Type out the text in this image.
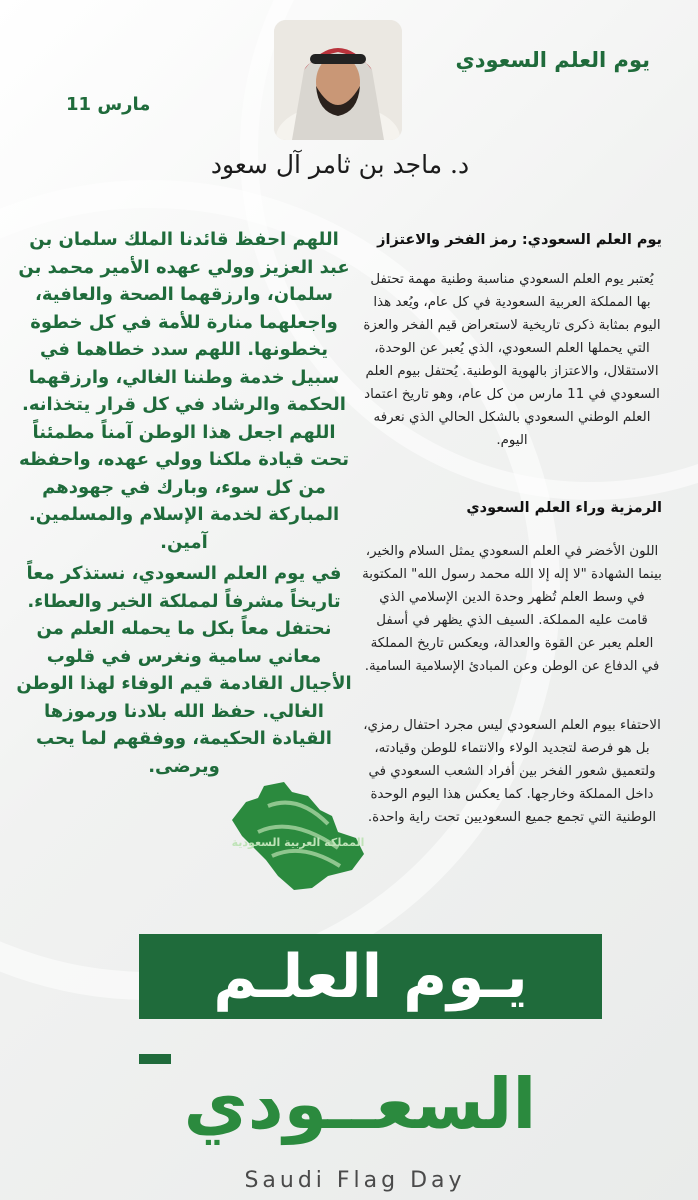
يوم العلم السعودي
مارس 11
د. ماجد بن ثامر آل سعود
يوم العلم السعودي: رمز الفخر والاعتزاز
يُعتبر يوم العلم السعودي مناسبة وطنية مهمة تحتفل بها المملكة العربية السعودية في كل عام، ويُعد هذا اليوم بمثابة ذكرى تاريخية لاستعراض قيم الفخر والعزة التي يحملها العلم السعودي، الذي يُعبر عن الوحدة، الاستقلال، والاعتزاز بالهوية الوطنية. يُحتفل بيوم العلم السعودي في 11 مارس من كل عام، وهو تاريخ اعتماد العلم الوطني السعودي بالشكل الحالي الذي نعرفه اليوم.
الرمزية وراء العلم السعودي
اللون الأخضر في العلم السعودي يمثل السلام والخير، بينما الشهادة "لا إله إلا الله محمد رسول الله" المكتوبة في وسط العلم تُظهر وحدة الدين الإسلامي الذي قامت عليه المملكة. السيف الذي يظهر في أسفل العلم يعبر عن القوة والعدالة، ويعكس تاريخ المملكة في الدفاع عن الوطن وعن المبادئ الإسلامية السامية.
الاحتفاء بيوم العلم السعودي ليس مجرد احتفال رمزي، بل هو فرصة لتجديد الولاء والانتماء للوطن وقيادته، ولتعميق شعور الفخر بين أفراد الشعب السعودي في داخل المملكة وخارجها. كما يعكس هذا اليوم الوحدة الوطنية التي تجمع جميع السعوديين تحت راية واحدة.
اللهم احفظ قائدنا الملك سلمان بن عبد العزيز وولي عهده الأمير محمد بن سلمان، وارزقهما الصحة والعافية، واجعلهما منارة للأمة في كل خطوة يخطونها. اللهم سدد خطاهما في سبيل خدمة وطننا الغالي، وارزقهما الحكمة والرشاد في كل قرار يتخذانه. اللهم اجعل هذا الوطن آمناً مطمئناً تحت قيادة ملكنا وولي عهده، واحفظه من كل سوء، وبارك في جهودهم المباركة لخدمة الإسلام والمسلمين. آمين.
في يوم العلم السعودي، نستذكر معاً تاريخاً مشرفاً لمملكة الخير والعطاء. نحتفل معاً بكل ما يحمله العلم من معاني سامية ونغرس في قلوب الأجيال القادمة قيم الوفاء لهذا الوطن الغالي. حفظ الله بلادنا ورموزها القيادة الحكيمة، ووفقهم لما يحب ويرضى.
المملكة العربية السعودية
يـوم العلـم
السعــودي
Saudi Flag Day
